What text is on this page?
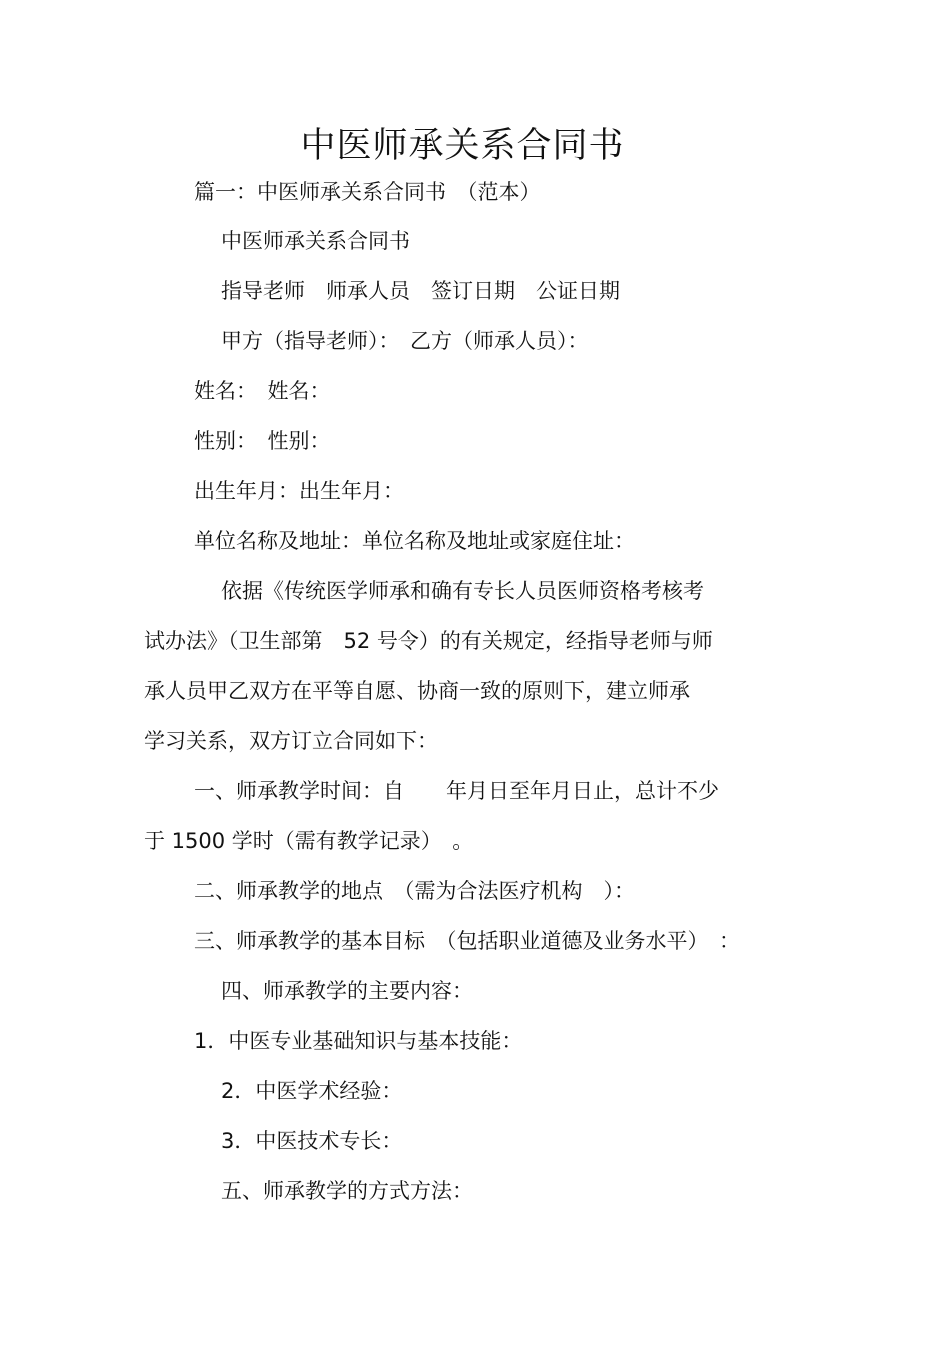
中医师承关系合同书
篇一：中医师承关系合同书　（范本）
中医师承关系合同书
指导老师　师承人员　签订日期　公证日期
甲方（指导老师）：　乙方（师承人员）：
姓名：　姓名：
性别：　性别：
出生年月：出生年月：
单位名称及地址：单位名称及地址或家庭住址：
依据《传统医学师承和确有专长人员医师资格考核考
试办法》（卫生部第　52 号令）的有关规定，经指导老师与师
承人员甲乙双方在平等自愿、协商一致的原则下，建立师承
学习关系，双方订立合同如下：
一、师承教学时间：自　　年月日至年月日止，总计不少
于 1500 学时（需有教学记录）　。
二、师承教学的地点　（需为合法医疗机构　）：
三、师承教学的基本目标　（包括职业道德及业务水平）　：
四、师承教学的主要内容：
1．中医专业基础知识与基本技能：
2．中医学术经验：
3．中医技术专长：
五、师承教学的方式方法：
